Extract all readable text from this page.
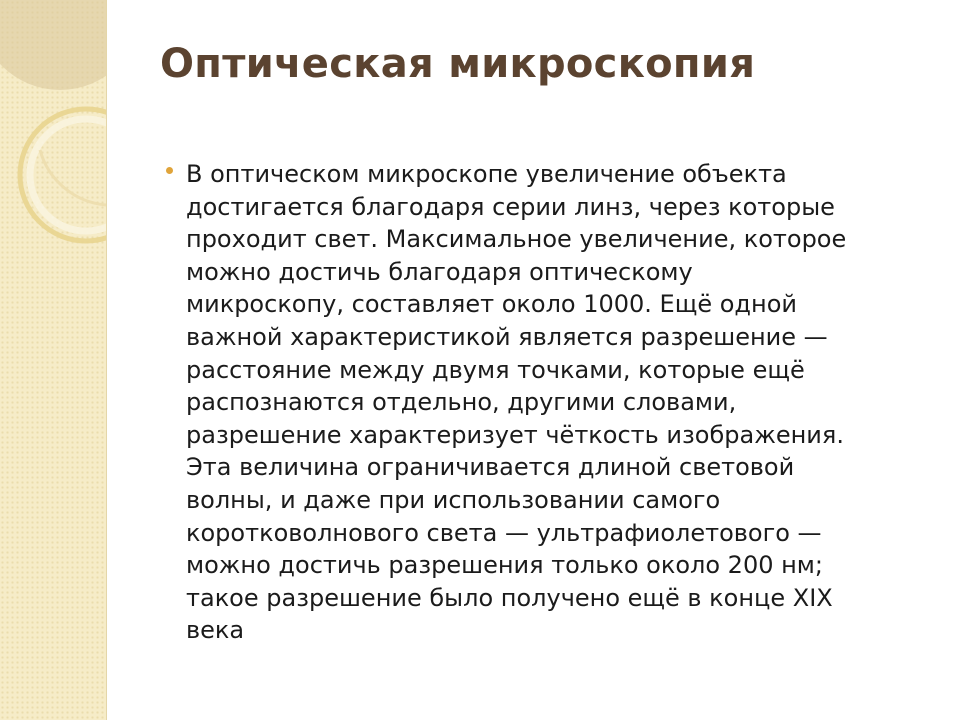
Оптическая микроскопия
В оптическом микроскопе увеличение объекта
достигается благодаря серии линз, через которые
проходит свет. Максимальное увеличение, которое
можно достичь благодаря оптическому
микроскопу, составляет около 1000. Ещё одной
важной характеристикой является разрешение —
расстояние между двумя точками, которые ещё
распознаются отдельно, другими словами,
разрешение характеризует чёткость изображения.
Эта величина ограничивается длиной световой
волны, и даже при использовании самого
коротковолнового света — ультрафиолетового —
можно достичь разрешения только около 200 нм;
такое разрешение было получено ещё в конце XIX
века
